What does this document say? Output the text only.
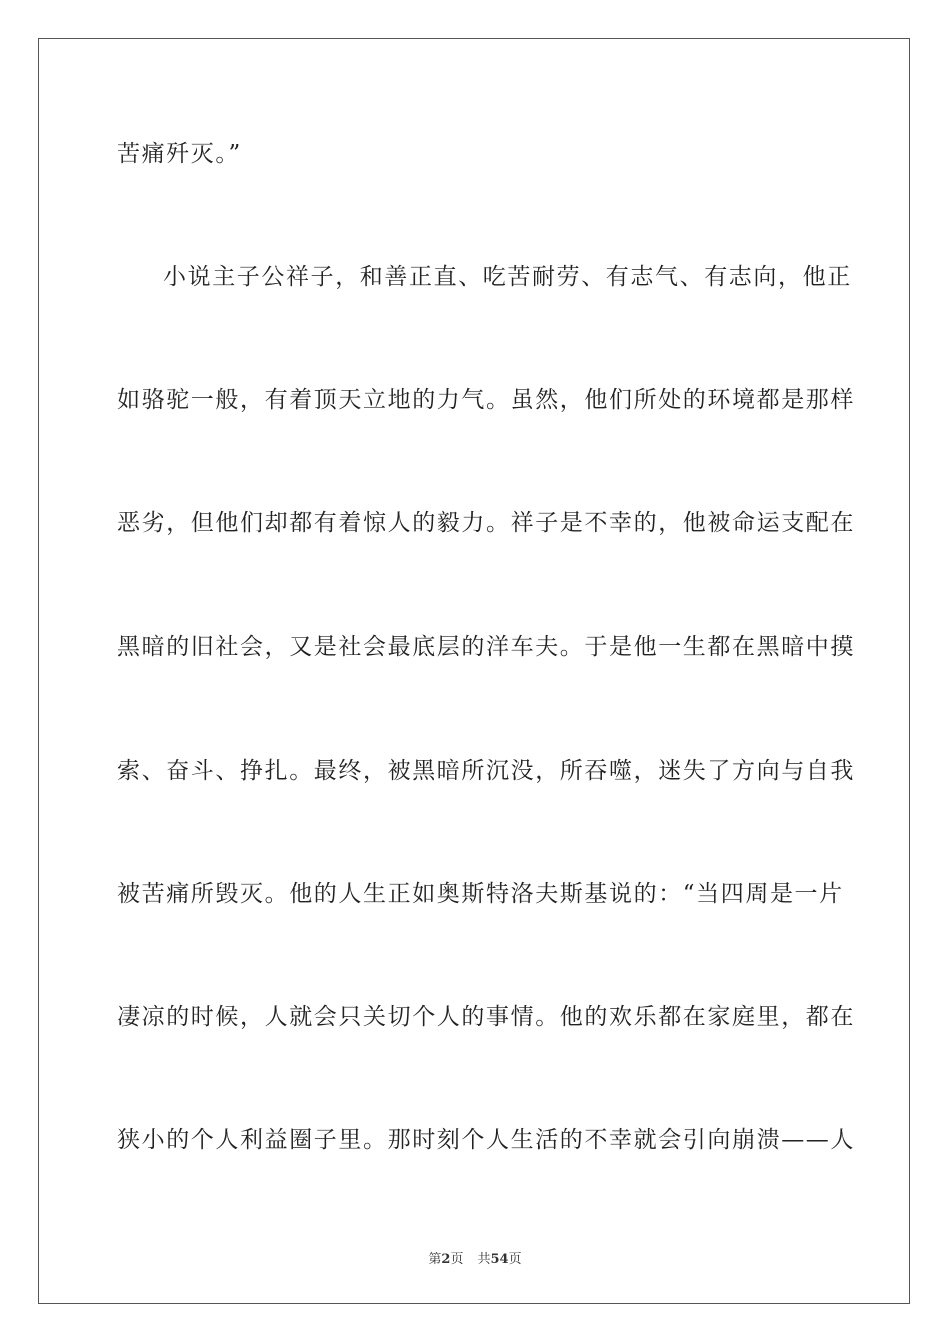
苦痛歼灭。”
小说主子公祥子，和善正直、吃苦耐劳、有志气、有志向，他正
如骆驼一般，有着顶天立地的力气。虽然，他们所处的环境都是那样
恶劣，但他们却都有着惊人的毅力。祥子是不幸的，他被命运支配在
黑暗的旧社会，又是社会最底层的洋车夫。于是他一生都在黑暗中摸
索、奋斗、挣扎。最终，被黑暗所沉没，所吞噬，迷失了方向与自我
被苦痛所毁灭。他的人生正如奥斯特洛夫斯基说的：“当四周是一片
凄凉的时候，人就会只关切个人的事情。他的欢乐都在家庭里，都在
狭小的个人利益圈子里。那时刻个人生活的不幸就会引向崩溃——人
第2页 共54页
